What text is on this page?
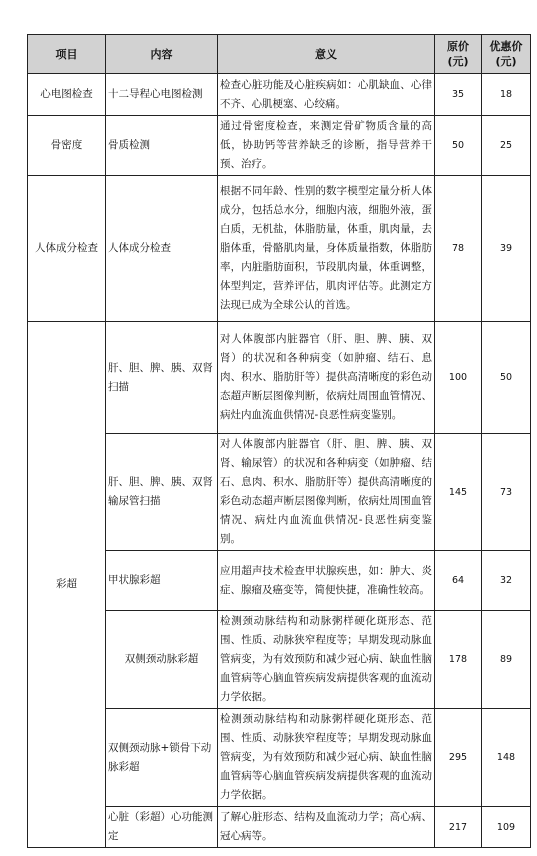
项目	内容	意义	原价(元)	优惠价(元)
心电图检查	十二导程心电图检测	检查心脏功能及心脏疾病如：心肌缺血、心律不齐、心肌梗塞、心绞痛。	35	18
骨密度	骨质检测	通过骨密度检查，来测定骨矿物质含量的高低，协助钙等营养缺乏的诊断，指导营养干预、治疗。	50	25
人体成分检查	人体成分检查	根据不同年龄、性别的数字模型定量分析人体成分，包括总水分，细胞内液，细胞外液，蛋白质，无机盐，体脂肪量，体重，肌肉量，去脂体重，骨骼肌肉量，身体质量指数，体脂肪率，内脏脂肪面积，节段肌肉量，体重调整，体型判定，营养评估，肌肉评估等。此测定方法现已成为全球公认的首选。	78	39
彩超	肝、胆、脾、胰、双肾扫描	对人体腹部内脏器官（肝、胆、脾、胰、双肾）的状况和各种病变（如肿瘤、结石、息肉、积水、脂肪肝等）提供高清晰度的彩色动态超声断层图像判断，依病灶周围血管情况、病灶内血流血供情况-良恶性病变鉴别。	100	50
	肝、胆、脾、胰、双肾输尿管扫描	对人体腹部内脏器官（肝、胆、脾、胰、双肾、输尿管）的状况和各种病变（如肿瘤、结石、息肉、积水、脂肪肝等）提供高清晰度的彩色动态超声断层图像判断，依病灶周围血管情况、病灶内血流血供情况-良恶性病变鉴别。	145	73
	甲状腺彩超	应用超声技术检查甲状腺疾患，如：肿大、炎症、腺瘤及癌变等，简便快捷，准确性较高。	64	32
	双侧颈动脉彩超	检测颈动脉结构和动脉粥样硬化斑形态、范围、性质、动脉狭窄程度等；早期发现动脉血管病变，为有效预防和减少冠心病、缺血性脑血管病等心脑血管疾病发病提供客观的血流动力学依据。	178	89
	双侧颈动脉+锁骨下动脉彩超	检测颈动脉结构和动脉粥样硬化斑形态、范围、性质、动脉狭窄程度等；早期发现动脉血管病变，为有效预防和减少冠心病、缺血性脑血管病等心脑血管疾病发病提供客观的血流动力学依据。	295	148
	心脏（彩超）心功能测定	了解心脏形态、结构及血流动力学；高心病、冠心病等。	217	109
